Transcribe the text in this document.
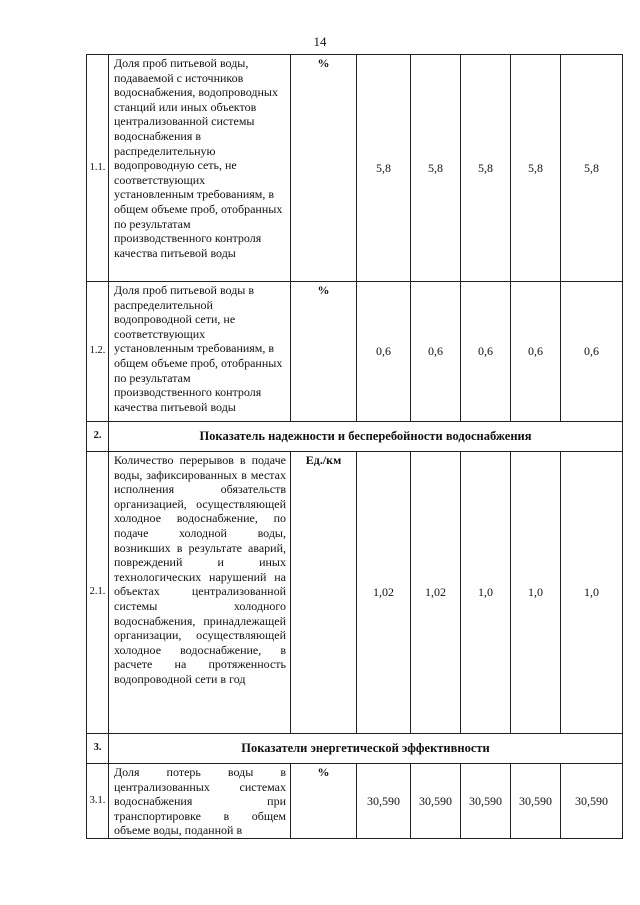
14
1.1.	Доля проб питьевой воды, подаваемой с источников водоснабжения, водопроводных станций или иных объектов централизованной системы водоснабжения в распределительную водопроводную сеть, не соответствующих установленным требованиям, в общем объеме проб, отобранных по результатам производственного контроля качества питьевой воды	%	5,8	5,8	5,8	5,8	5,8
1.2.	Доля проб питьевой воды в распределительной водопроводной сети, не соответствующих установленным требованиям, в общем объеме проб, отобранных по результатам производственного контроля качества питьевой воды	%	0,6	0,6	0,6	0,6	0,6
2.	Показатель надежности и бесперебойности водоснабжения						
2.1.	Количество перерывов в подаче воды, зафиксированных в местах исполнения обязательств организацией, осуществляющей холодное водоснабжение, по подаче холодной воды, возникших в результате аварий, повреждений и иных технологических нарушений на объектах централизованной системы холодного водоснабжения, принадлежащей организации, осуществляющей холодное водоснабжение, в расчете на протяженность водопроводной сети в год	Ед./км	1,02	1,02	1,0	1,0	1,0
3.	Показатели энергетической эффективности						
3.1.	Доля потерь воды в централизованных системах водоснабжения при транспортировке в общем объеме воды, поданной в	%	30,590	30,590	30,590	30,590	30,590
